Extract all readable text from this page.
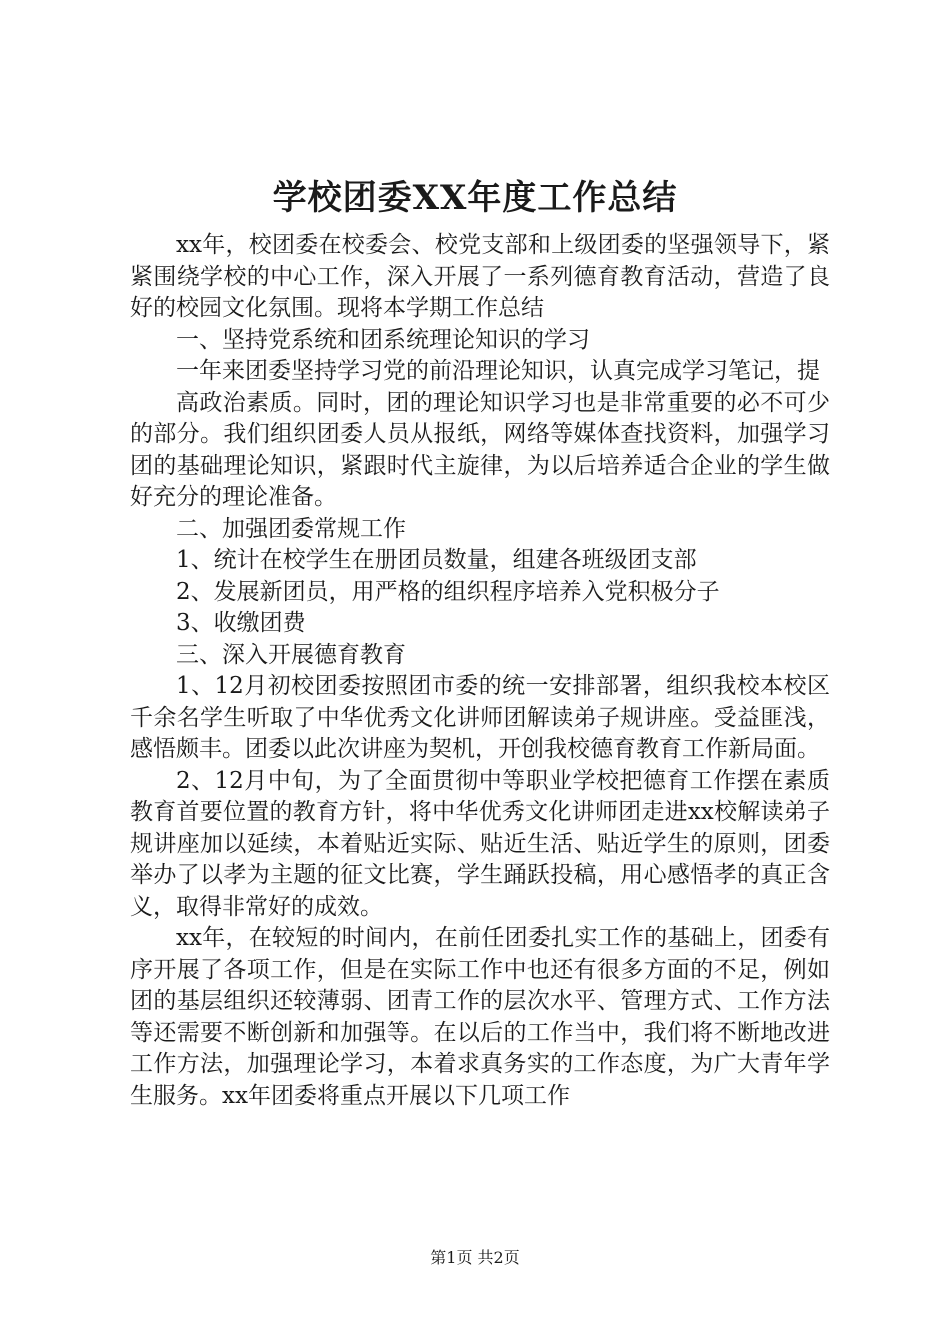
学校团委XX年度工作总结

xx年，校团委在校委会、校党支部和上级团委的坚强领导下，紧紧围绕学校的中心工作，深入开展了一系列德育教育活动，营造了良好的校园文化氛围。现将本学期工作总结

一、坚持党系统和团系统理论知识的学习

一年来团委坚持学习党的前沿理论知识，认真完成学习笔记，提

高政治素质。同时，团的理论知识学习也是非常重要的必不可少的部分。我们组织团委人员从报纸，网络等媒体查找资料，加强学习团的基础理论知识，紧跟时代主旋律，为以后培养适合企业的学生做好充分的理论准备。

二、加强团委常规工作

1、统计在校学生在册团员数量，组建各班级团支部

2、发展新团员，用严格的组织程序培养入党积极分子

3、收缴团费

三、深入开展德育教育

1、12月初校团委按照团市委的统一安排部署，组织我校本校区千余名学生听取了中华优秀文化讲师团解读弟子规讲座。受益匪浅，感悟颇丰。团委以此次讲座为契机，开创我校德育教育工作新局面。

2、12月中旬，为了全面贯彻中等职业学校把德育工作摆在素质教育首要位置的教育方针，将中华优秀文化讲师团走进xx校解读弟子规讲座加以延续，本着贴近实际、贴近生活、贴近学生的原则，团委举办了以孝为主题的征文比赛，学生踊跃投稿，用心感悟孝的真正含义，取得非常好的成效。

xx年，在较短的时间内，在前任团委扎实工作的基础上，团委有序开展了各项工作，但是在实际工作中也还有很多方面的不足，例如团的基层组织还较薄弱、团青工作的层次水平、管理方式、工作方法等还需要不断创新和加强等。在以后的工作当中，我们将不断地改进工作方法，加强理论学习，本着求真务实的工作态度，为广大青年学生服务。xx年团委将重点开展以下几项工作

第1页 共2页
